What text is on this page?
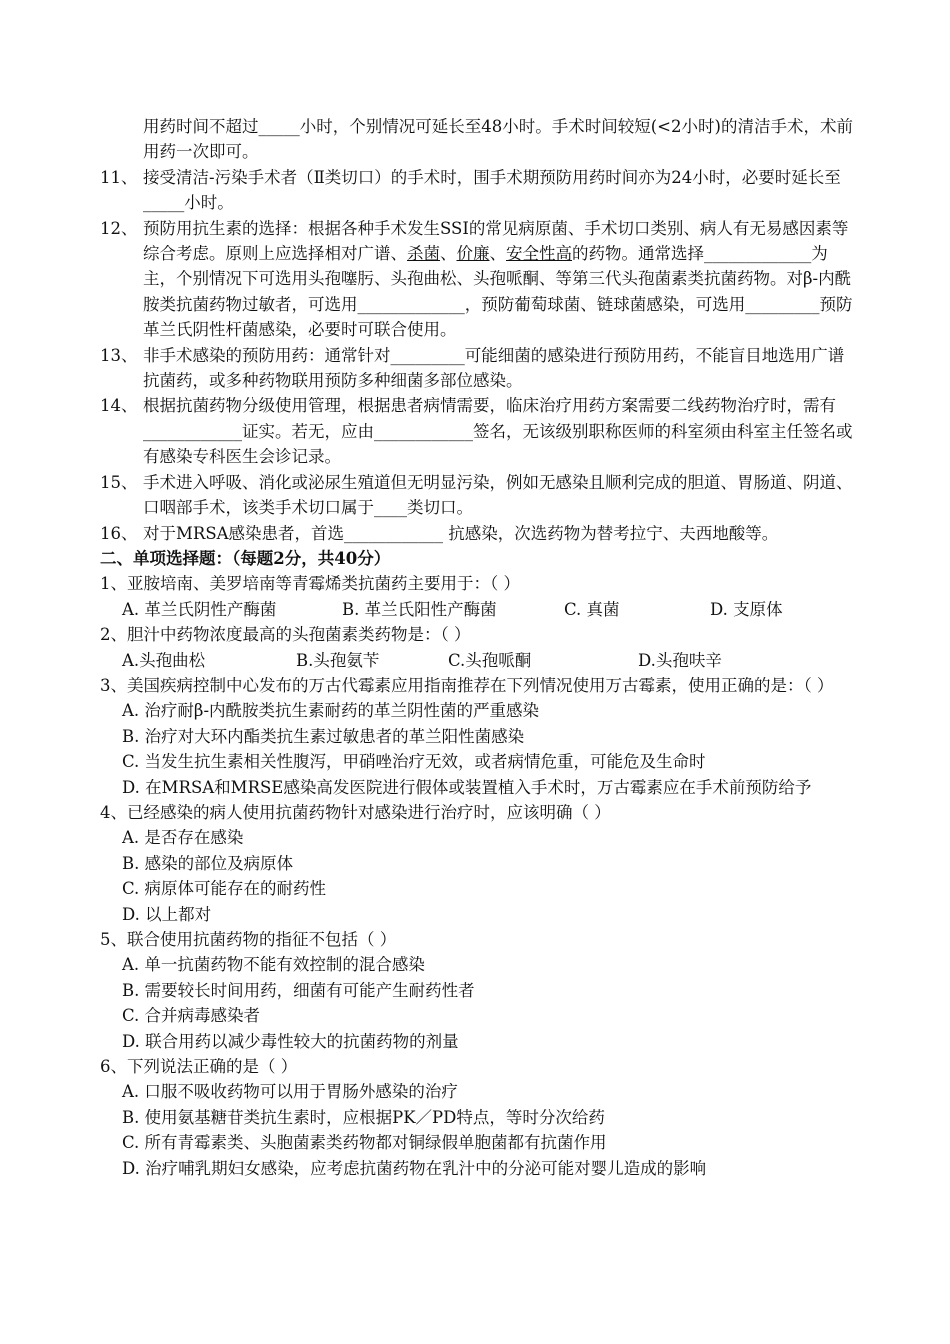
用药时间不超过_____小时，个别情况可延长至48小时。手术时间较短(<2小时)的清洁手术，术前用药一次即可。

11、 接受清洁-污染手术者（Ⅱ类切口）的手术时，围手术期预防用药时间亦为24小时，必要时延长至_____小时。
12、 预防用抗生素的选择：根据各种手术发生SSI的常见病原菌、手术切口类别、病人有无易感因素等综合考虑。原则上应选择相对广谱、杀菌、价廉、安全性高的药物。通常选择_____________为主，个别情况下可选用头孢噻肟、头孢曲松、头孢哌酮、等第三代头孢菌素类抗菌药物。对β-内酰胺类抗菌药物过敏者，可选用_____________，预防葡萄球菌、链球菌感染，可选用_________预防革兰氏阴性杆菌感染，必要时可联合使用。
13、 非手术感染的预防用药：通常针对_________可能细菌的感染进行预防用药，不能盲目地选用广谱抗菌药，或多种药物联用预防多种细菌多部位感染。
14、 根据抗菌药物分级使用管理，根据患者病情需要，临床治疗用药方案需要二线药物治疗时，需有____________证实。若无，应由____________签名，无该级别职称医师的科室须由科室主任签名或有感染专科医生会诊记录。
15、 手术进入呼吸、消化或泌尿生殖道但无明显污染，例如无感染且顺利完成的胆道、胃肠道、阴道、口咽部手术，该类手术切口属于____类切口。
16、 对于MRSA感染患者，首选____________ 抗感染，次选药物为替考拉宁、夫西地酸等。

二、单项选择题：（每题2分，共40分）

1、亚胺培南、美罗培南等青霉烯类抗菌药主要用于：（ ）

A. 革兰氏阴性产酶菌	B. 革兰氏阳性产酶菌	C. 真菌	D. 支原体

2、胆汁中药物浓度最高的头孢菌素类药物是：（ ）

A.头孢曲松	B.头孢氨苄	C.头孢哌酮	D.头孢呋辛

3、美国疾病控制中心发布的万古代霉素应用指南推荐在下列情况使用万古霉素，使用正确的是：（ ）

A. 治疗耐β-内酰胺类抗生素耐药的革兰阴性菌的严重感染

B. 治疗对大环内酯类抗生素过敏患者的革兰阳性菌感染

C. 当发生抗生素相关性腹泻，甲硝唑治疗无效，或者病情危重，可能危及生命时

D. 在MRSA和MRSE感染高发医院进行假体或装置植入手术时，万古霉素应在手术前预防给予

4、已经感染的病人使用抗菌药物针对感染进行治疗时，应该明确（ ）

A. 是否存在感染

B. 感染的部位及病原体

C. 病原体可能存在的耐药性

D. 以上都对

5、联合使用抗菌药物的指征不包括（ ）

A. 单一抗菌药物不能有效控制的混合感染

B. 需要较长时间用药，细菌有可能产生耐药性者

C. 合并病毒感染者

D. 联合用药以减少毒性较大的抗菌药物的剂量

6、下列说法正确的是（ ）

A. 口服不吸收药物可以用于胃肠外感染的治疗

B. 使用氨基糖苷类抗生素时，应根据PK／PD特点，等时分次给药

C. 所有青霉素类、头胞菌素类药物都对铜绿假单胞菌都有抗菌作用

D. 治疗哺乳期妇女感染，应考虑抗菌药物在乳汁中的分泌可能对婴儿造成的影响
